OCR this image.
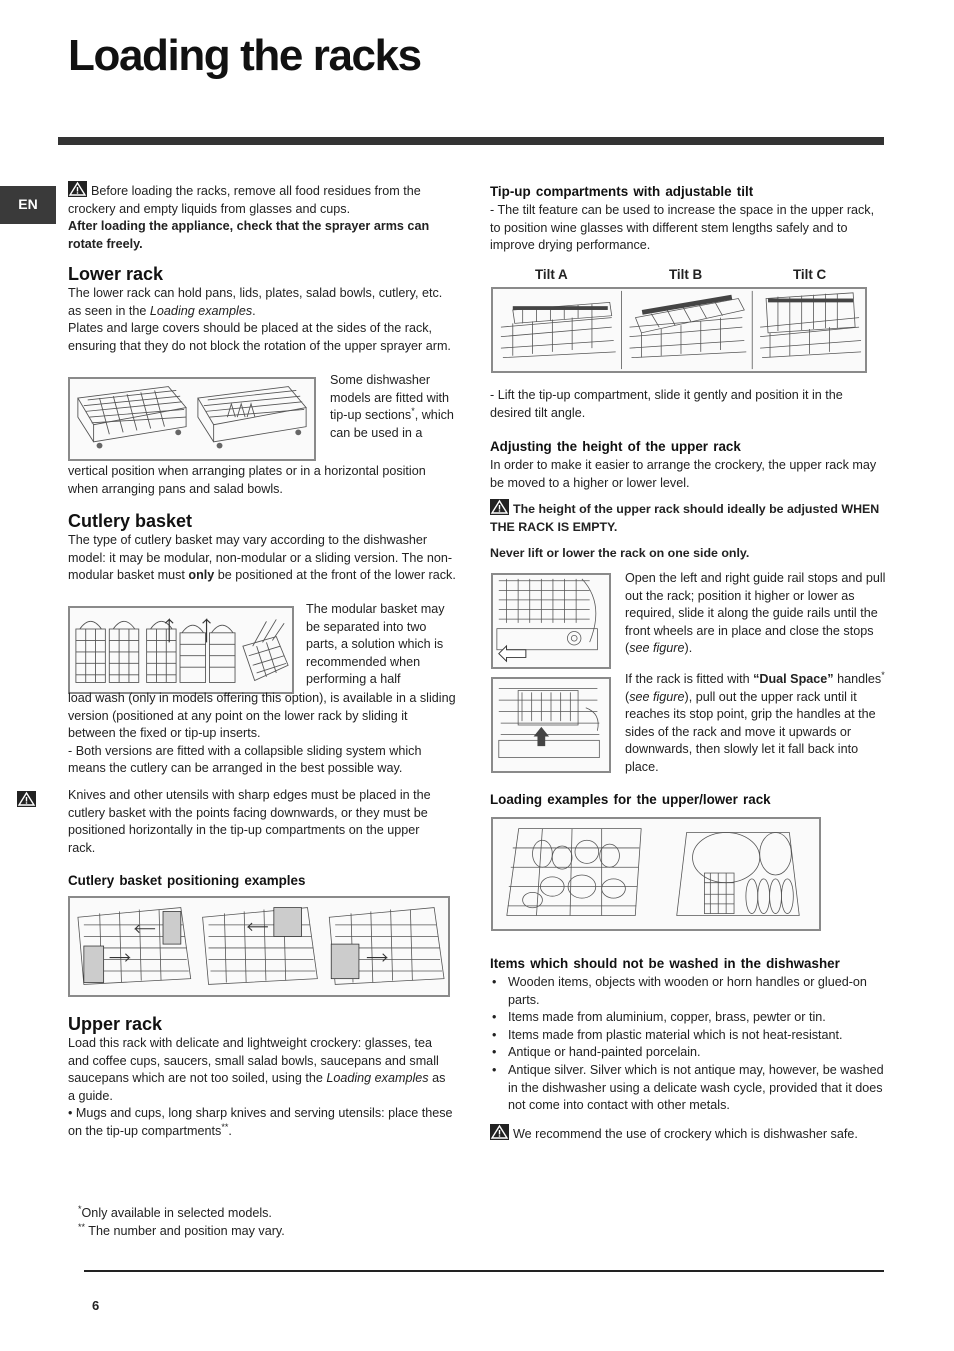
Loading the racks
EN
Before loading the racks, remove all food residues from the crockery and empty liquids from glasses and cups.
After loading the appliance, check that the sprayer arms can rotate freely.
Lower rack
The lower rack can hold pans, lids, plates, salad bowls, cutlery, etc. as seen in the Loading examples.
Plates and large covers should be placed at the sides of the rack, ensuring that they do not block the rotation of the upper sprayer arm.
Some dishwasher models are fitted with tip-up sections*, which can be used in a
vertical position when arranging plates or in a horizontal position when arranging pans and salad bowls.
Cutlery basket
The type of cutlery basket may vary according to the dishwasher model: it may be modular, non-modular or a sliding version. The non-modular basket must only be positioned at the front of the lower rack.
The modular basket may be separated into two parts, a solution which is recommended when performing a half
load wash (only in models offering this option), is available in a sliding version (positioned at any point on the lower rack by sliding it between the fixed or tip-up inserts.
- Both versions are fitted with a collapsible sliding system which means the cutlery can be arranged in the best possible way.
Knives and other utensils with sharp edges must be placed in the cutlery basket with the points facing downwards, or they must be positioned horizontally in the tip-up compartments on the upper rack.
Cutlery basket positioning examples
Upper rack
Load this rack with delicate and lightweight crockery: glasses, tea and coffee cups, saucers, small salad bowls, saucepans and small saucepans which are not too soiled, using the Loading examples as a guide.
• Mugs and cups, long sharp knives and serving utensils: place these on the tip-up compartments**.
*Only available in selected models.
** The number and position may vary.
Tip-up compartments with adjustable tilt
- The tilt feature can be used to increase the space in the upper rack, to position wine glasses with different stem lengths safely and to improve drying performance.
Tilt A	Tilt B	Tilt C
- Lift the tip-up compartment, slide it gently and position it in the desired tilt angle.
Adjusting the height of the upper rack
In order to make it easier to arrange the crockery, the upper rack may be moved to a higher or lower level.
The height of the upper rack should ideally be adjusted WHEN THE RACK IS EMPTY.
Never lift or lower the rack on one side only.
Open the left and right guide rail stops and pull out the rack; position it higher or lower as required, slide it along the guide rails until the front wheels are in place and close the stops (see figure).
If the rack is fitted with “Dual Space” handles* (see figure), pull out the upper rack until it reaches its stop point, grip the handles at the sides of the rack and move it upwards or downwards, then slowly let it fall back into place.
Loading examples for the upper/lower rack
Items which should not be washed in the dishwasher
• Wooden items, objects with wooden or horn handles or glued-on parts.
• Items made from aluminium, copper, brass, pewter or tin.
• Items made from plastic material which is not heat-resistant.
• Antique or hand-painted porcelain.
• Antique silver. Silver which is not antique may, however, be washed in the dishwasher using a delicate wash cycle, provided that it does not come into contact with other metals.
We recommend the use of crockery which is dishwasher safe.
6
